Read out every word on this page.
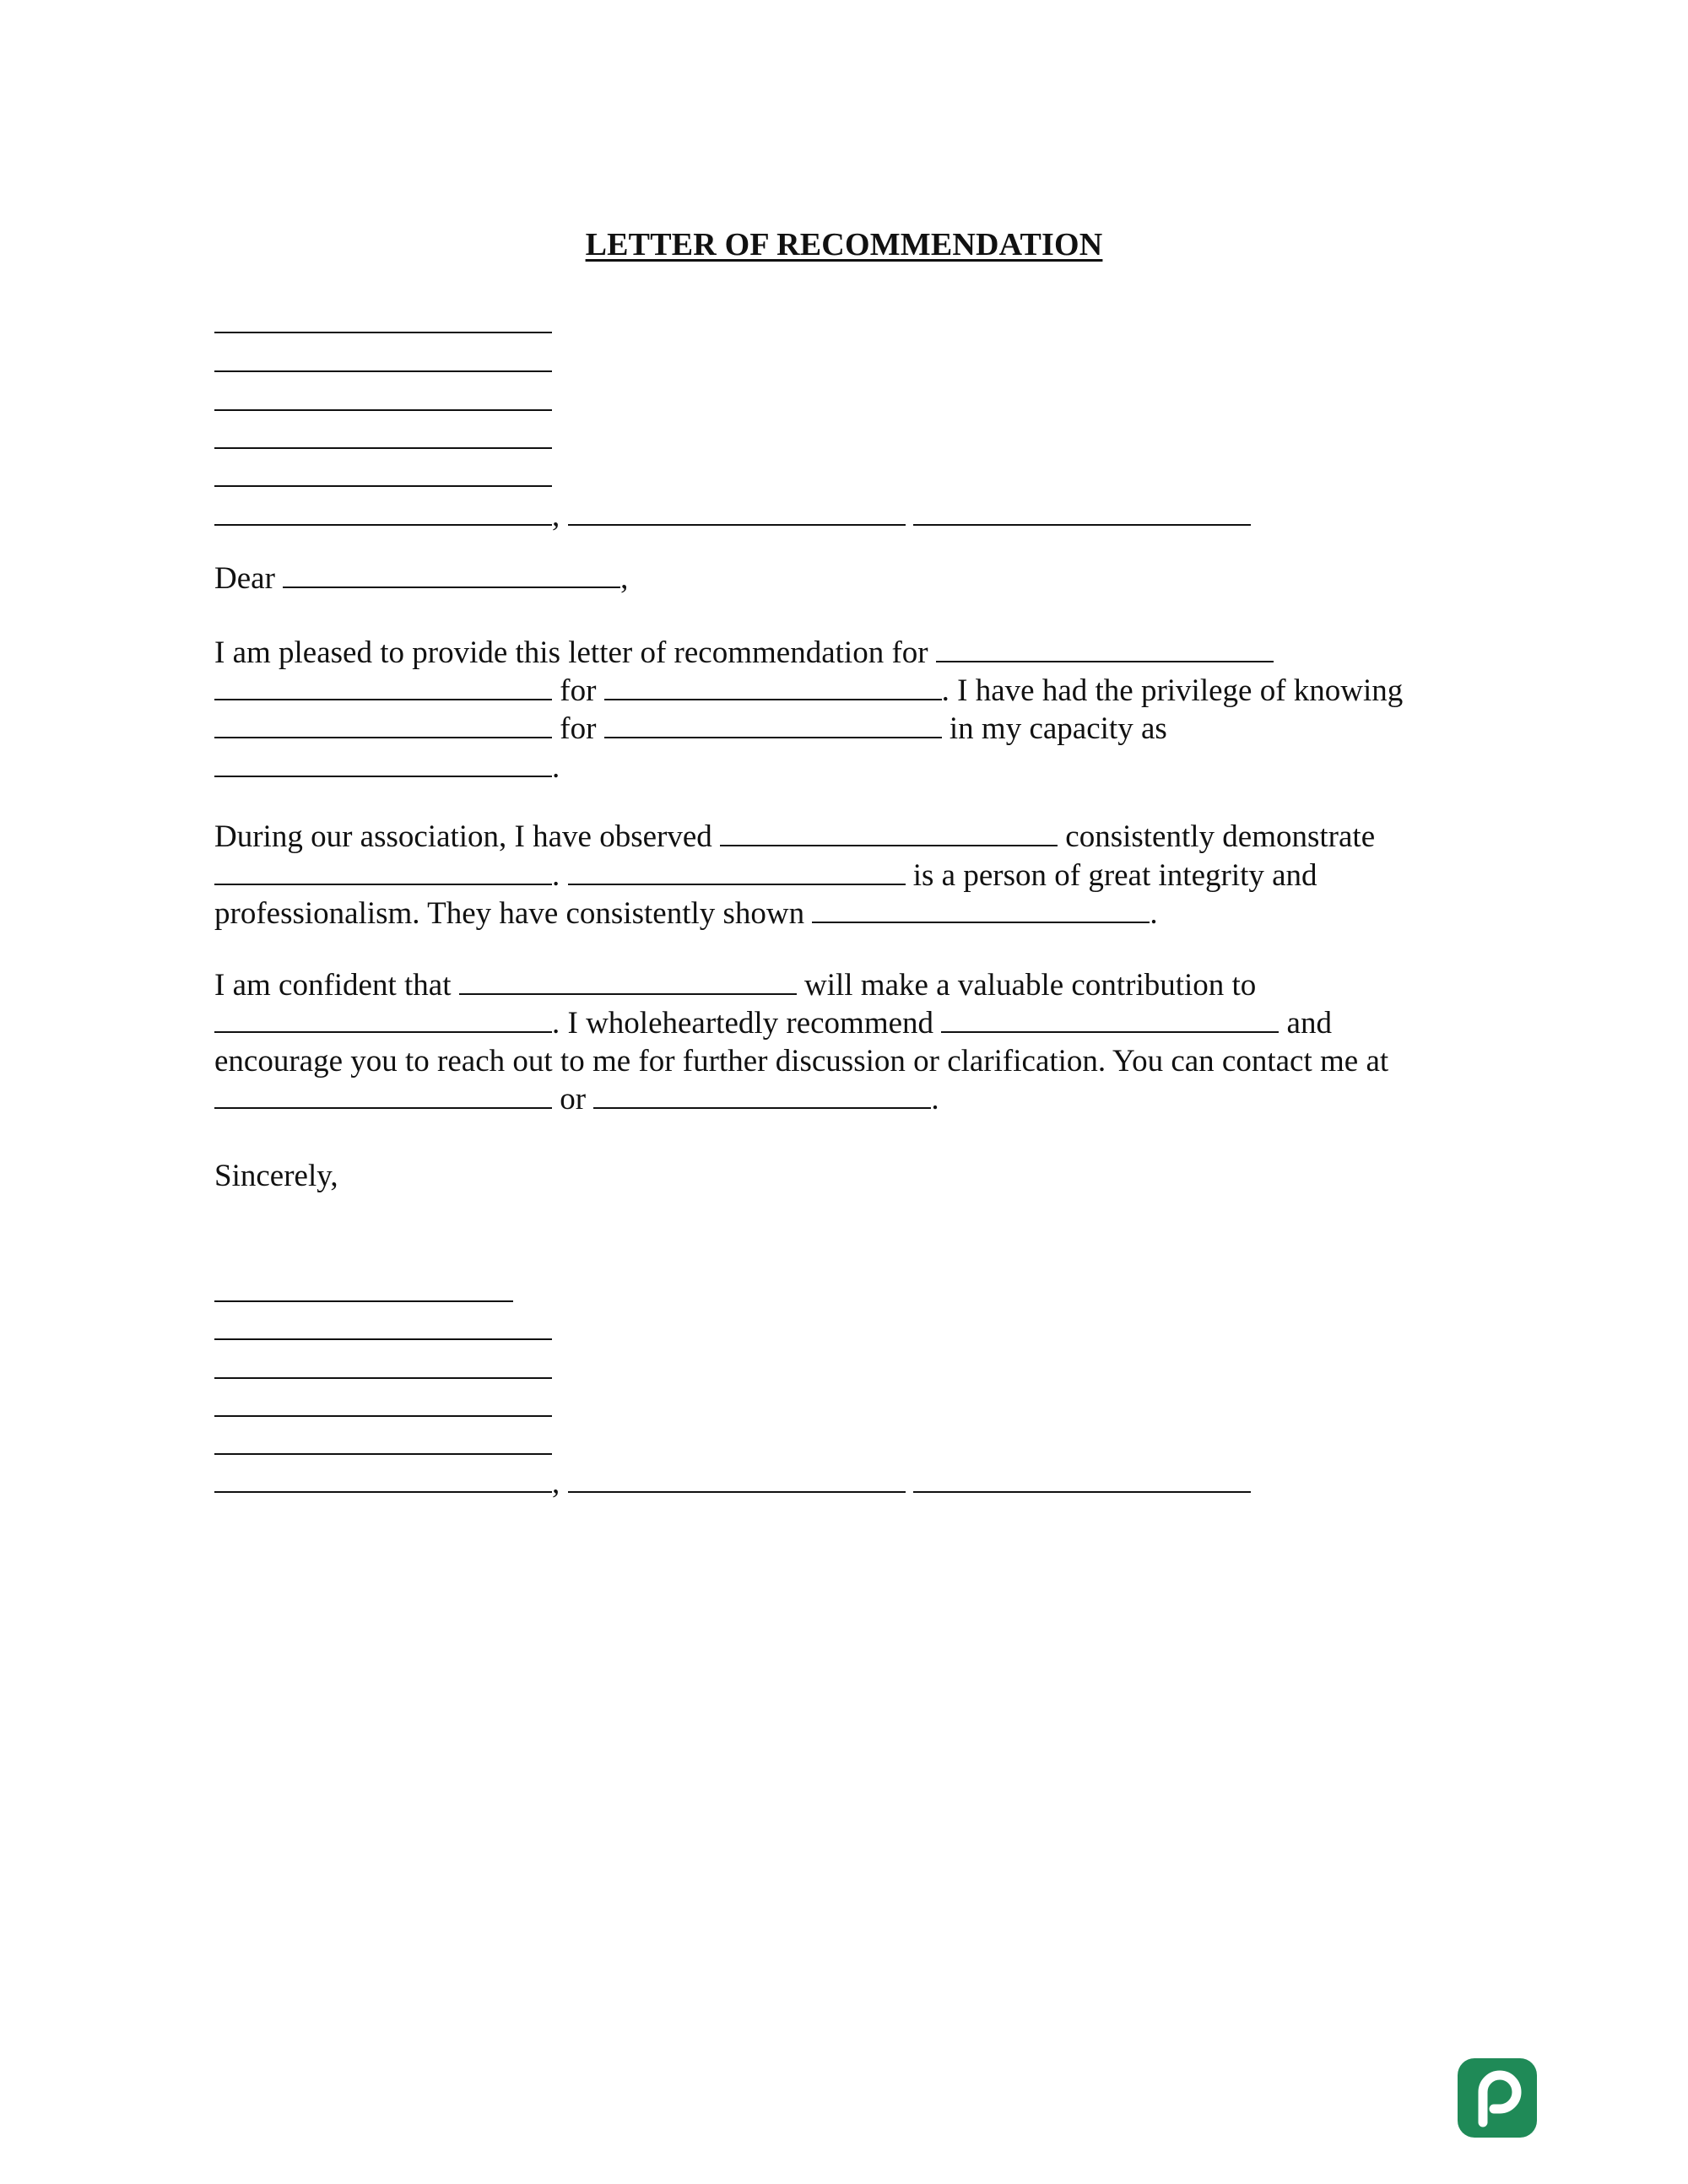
LETTER OF RECOMMENDATION
,
Dear	,
I am pleased to provide this letter of recommendation for
for	. I have had the privilege of knowing
for	in my capacity as
.
During our association, I have observed	consistently demonstrate
.	is a person of great integrity and
professionalism. They have consistently shown	.
I am confident that	will make a valuable contribution to
. I wholeheartedly recommend	and
encourage you to reach out to me for further discussion or clarification. You can contact me at
or	.
Sincerely,
,
